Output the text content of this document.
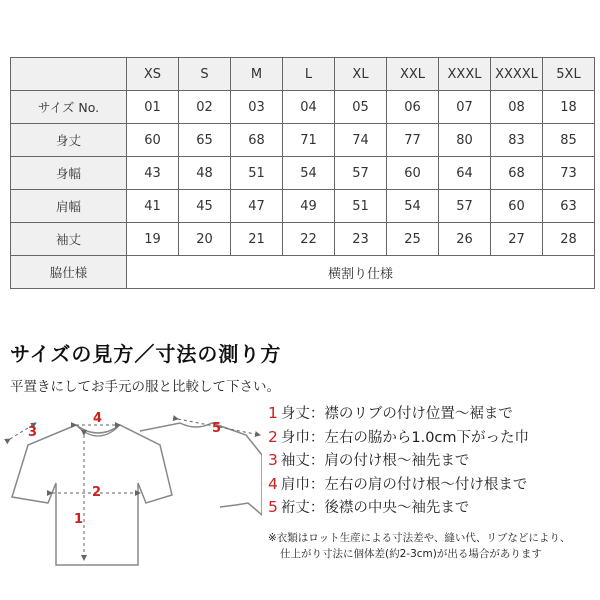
	XS	S	M	L	XL	XXL	XXXL	XXXXL	5XL
サイズ No.	01	02	03	04	05	06	07	08	18
身丈	60	65	68	71	74	77	80	83	85
身幅	43	48	51	54	57	60	64	68	73
肩幅	41	45	47	49	51	54	57	60	63
袖丈	19	20	21	22	23	25	26	27	28
脇仕様	横割り仕様								
サイズの見方／寸法の測り方

平置きにしてお手元の服と比較して下さい。

1
2
3
4
5
1 身丈：襟のリブの付け位置〜裾まで
2 身巾：左右の脇から1.0cm下がった巾
3 袖丈：肩の付け根〜袖先まで
4 肩巾：左右の肩の付け根〜付け根まで
5 裄丈：後襟の中央〜袖先まで
※衣類はロット生産による寸法差や、縫い代、リブなどにより、
仕上がり寸法に個体差(約2-3cm)が出る場合があります
